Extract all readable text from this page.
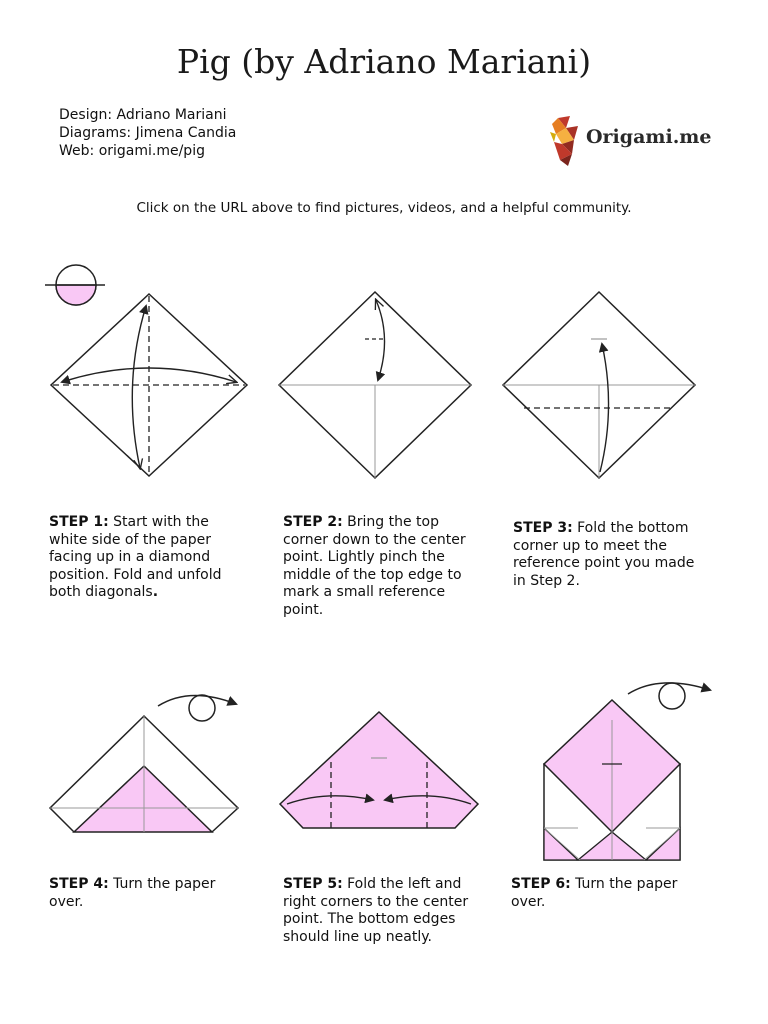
Pig (by Adriano Mariani)
Design: Adriano Mariani
Diagrams: Jimena Candia
Web: origami.me/pig
Origami.me
Click on the URL above to find pictures, videos, and a helpful community.
STEP 1: Start with the white side of the paper facing up in a diamond position. Fold and unfold both diagonals.
STEP 2: Bring the top corner down to the center point. Lightly pinch the middle of the top edge to mark a small reference point.
STEP 3: Fold the bottom corner up to meet the reference point you made in Step 2.
STEP 4: Turn the paper over.
STEP 5: Fold the left and right corners to the center point. The bottom edges should line up neatly.
STEP 6: Turn the paper over.
